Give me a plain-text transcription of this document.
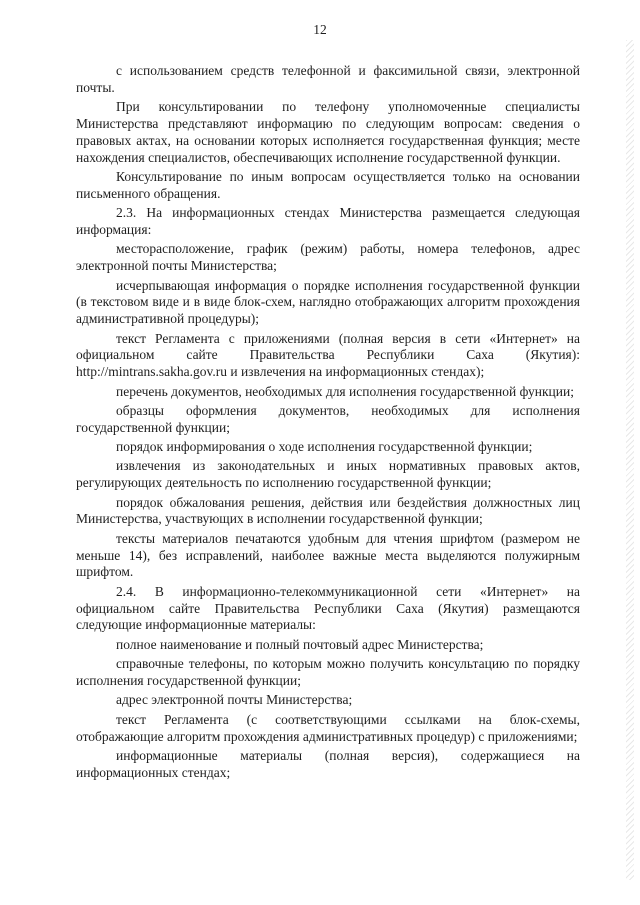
12

с использованием средств телефонной и факсимильной связи, электронной почты.

При консультировании по телефону уполномоченные специалисты Министерства представляют информацию по следующим вопросам: сведения о правовых актах, на основании которых исполняется государственная функция; месте нахождения специалистов, обеспечивающих исполнение государственной функции.

Консультирование по иным вопросам осуществляется только на основании письменного обращения.

2.3. На информационных стендах Министерства размещается следующая информация:

месторасположение, график (режим) работы, номера телефонов, адрес электронной почты Министерства;

исчерпывающая информация о порядке исполнения государственной функции (в текстовом виде и в виде блок-схем, наглядно отображающих алгоритм прохождения административной процедуры);

текст Регламента с приложениями (полная версия в сети «Интернет» на официальном сайте Правительства Республики Саха (Якутия): http://mintrans.sakha.gov.ru и извлечения на информационных стендах);

перечень документов, необходимых для исполнения государственной функции;

образцы оформления документов, необходимых для исполнения государственной функции;

порядок информирования о ходе исполнения государственной функции;

извлечения из законодательных и иных нормативных правовых актов, регулирующих деятельность по исполнению государственной функции;

порядок обжалования решения, действия или бездействия должностных лиц Министерства, участвующих в исполнении государственной функции;

тексты материалов печатаются удобным для чтения шрифтом (размером не меньше 14), без исправлений, наиболее важные места выделяются полужирным шрифтом.

2.4. В информационно-телекоммуникационной сети «Интернет» на официальном сайте Правительства Республики Саха (Якутия) размещаются следующие информационные материалы:

полное наименование и полный почтовый адрес Министерства;

справочные телефоны, по которым можно получить консультацию по порядку исполнения государственной функции;

адрес электронной почты Министерства;

текст Регламента (с соответствующими ссылками на блок-схемы, отображающие алгоритм прохождения административных процедур) с приложениями;

информационные материалы (полная версия), содержащиеся на информационных стендах;
